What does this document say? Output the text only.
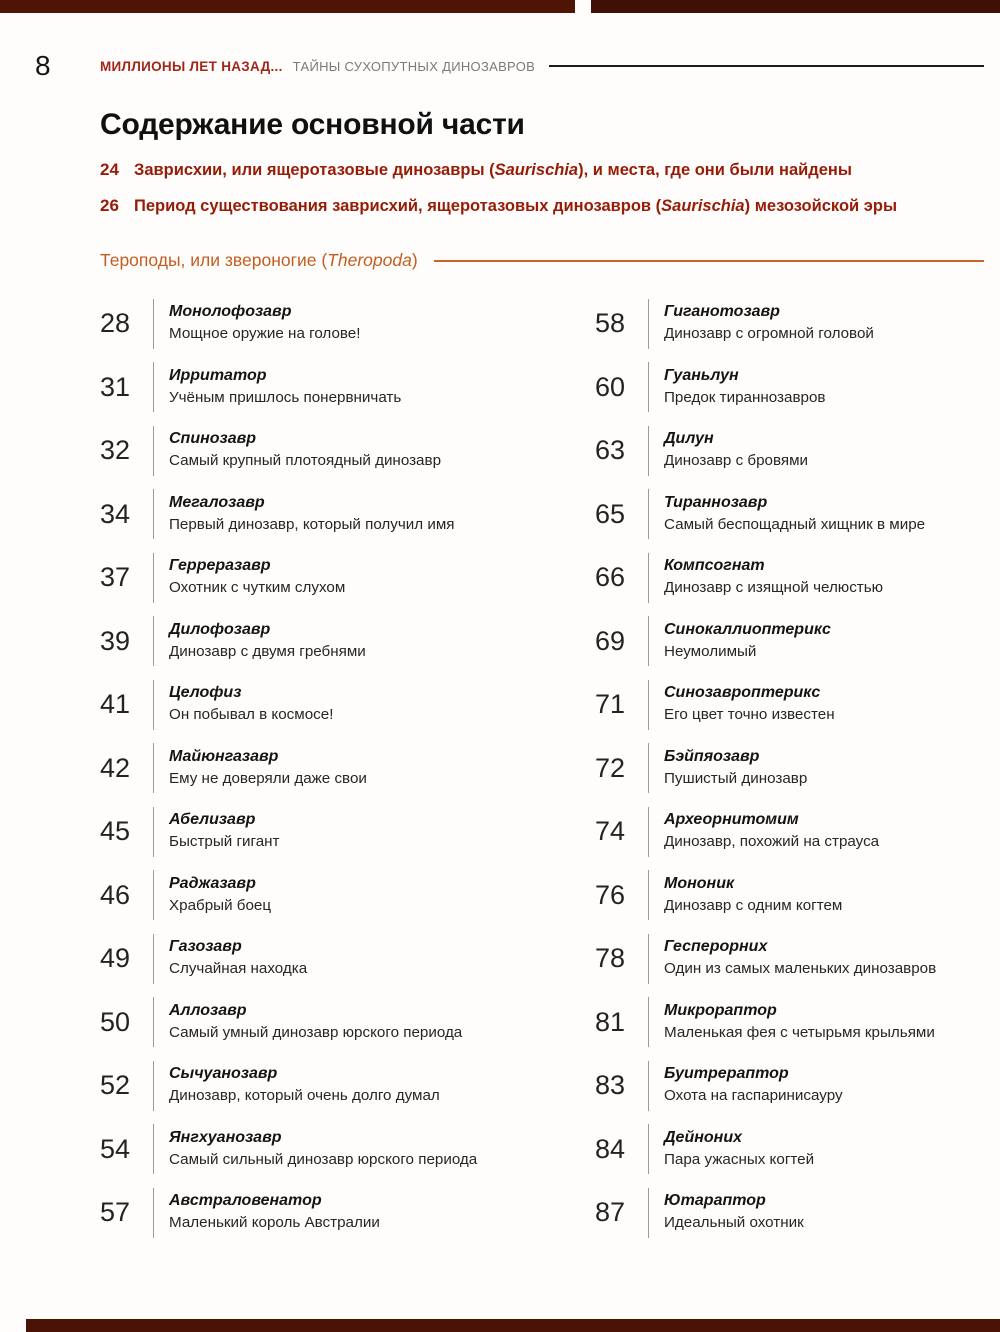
8	МИЛЛИОНЫ ЛЕТ НАЗАД... ТАЙНЫ СУХОПУТНЫХ ДИНОЗАВРОВ
Содержание основной части
24 Заврисхии, или ящеротазовые динозавры (Saurischia), и места, где они были найдены
26 Период существования заврисхий, ящеротазовых динозавров (Saurischia) мезозойской эры
Тероподы, или звероногие (Theropoda)
28	Монолофозавр
Мощное оружие на голове!
31	Ирритатор
Учёным пришлось понервничать
32	Спинозавр
Самый крупный плотоядный динозавр
34	Мегалозавр
Первый динозавр, который получил имя
37	Герреразавр
Охотник с чутким слухом
39	Дилофозавр
Динозавр с двумя гребнями
41	Целофиз
Он побывал в космосе!
42	Майюнгазавр
Ему не доверяли даже свои
45	Абелизавр
Быстрый гигант
46	Раджазавр
Храбрый боец
49	Газозавр
Случайная находка
50	Аллозавр
Самый умный динозавр юрского периода
52	Сычуанозавр
Динозавр, который очень долго думал
54	Янгхуанозавр
Самый сильный динозавр юрского периода
57	Австраловенатор
Маленький король Австралии
58	Гиганотозавр
Динозавр с огромной головой
60	Гуаньлун
Предок тираннозавров
63	Дилун
Динозавр с бровями
65	Тираннозавр
Самый беспощадный хищник в мире
66	Компсогнат
Динозавр с изящной челюстью
69	Синокаллиоптерикс
Неумолимый
71	Синозавроптерикс
Его цвет точно известен
72	Бэйпяозавр
Пушистый динозавр
74	Археорнитомим
Динозавр, похожий на страуса
76	Мононик
Динозавр с одним когтем
78	Гесперорних
Один из самых маленьких динозавров
81	Микрораптор
Маленькая фея с четырьмя крыльями
83	Буитрераптор
Охота на гаспаринисауру
84	Дейноних
Пара ужасных когтей
87	Ютараптор
Идеальный охотник
